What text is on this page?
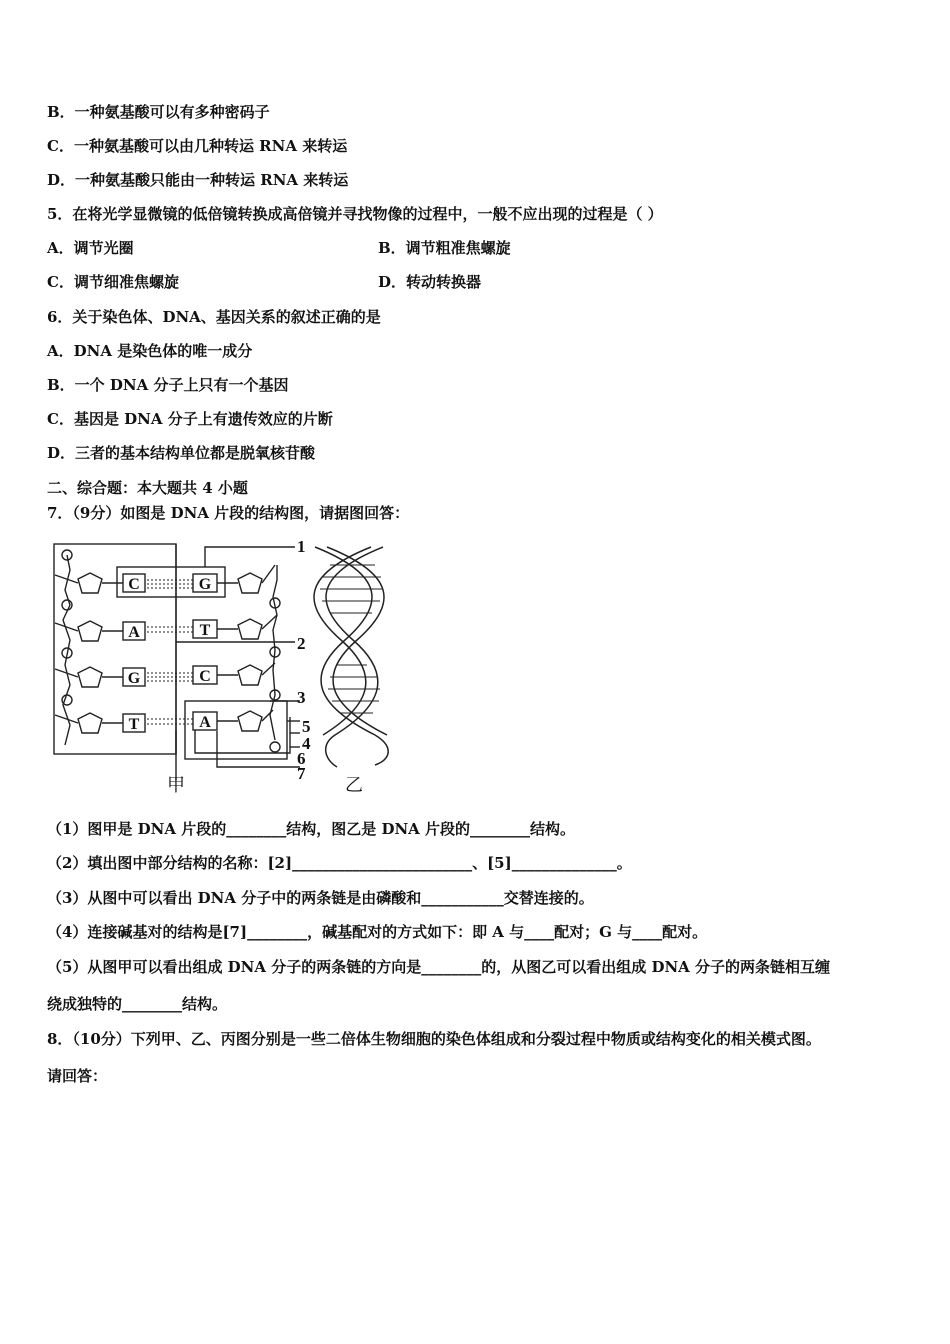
B．一种氨基酸可以有多种密码子
C．一种氨基酸可以由几种转运 RNA 来转运
D．一种氨基酸只能由一种转运 RNA 来转运
5．在将光学显微镜的低倍镜转换成高倍镜并寻找物像的过程中，一般不应出现的过程是（ ）
A．调节光圈	B．调节粗准焦螺旋
C．调节细准焦螺旋	D．转动转换器
6．关于染色体、DNA、基因关系的叙述正确的是
A．DNA 是染色体的唯一成分
B．一个 DNA 分子上只有一个基因
C．基因是 DNA 分子上有遗传效应的片断
D．三者的基本结构单位都是脱氧核苷酸
二、综合题：本大题共 4 小题
7．（9分）如图是 DNA 片段的结构图，请据图回答：
C
A
G
T
G
T
C
A
1
2
3
5
4
6
7
甲	乙
（1）图甲是 DNA 片段的________结构，图乙是 DNA 片段的________结构。
（2）填出图中部分结构的名称：[2]________________________、[5]______________。
（3）从图中可以看出 DNA 分子中的两条链是由磷酸和___________交替连接的。
（4）连接碱基对的结构是[7]________，碱基配对的方式如下：即 A 与____配对；G 与____配对。
（5）从图甲可以看出组成 DNA 分子的两条链的方向是________的，从图乙可以看出组成 DNA 分子的两条链相互缠
绕成独特的________结构。
8．（10分）下列甲、乙、丙图分别是一些二倍体生物细胞的染色体组成和分裂过程中物质或结构变化的相关模式图。
请回答：
